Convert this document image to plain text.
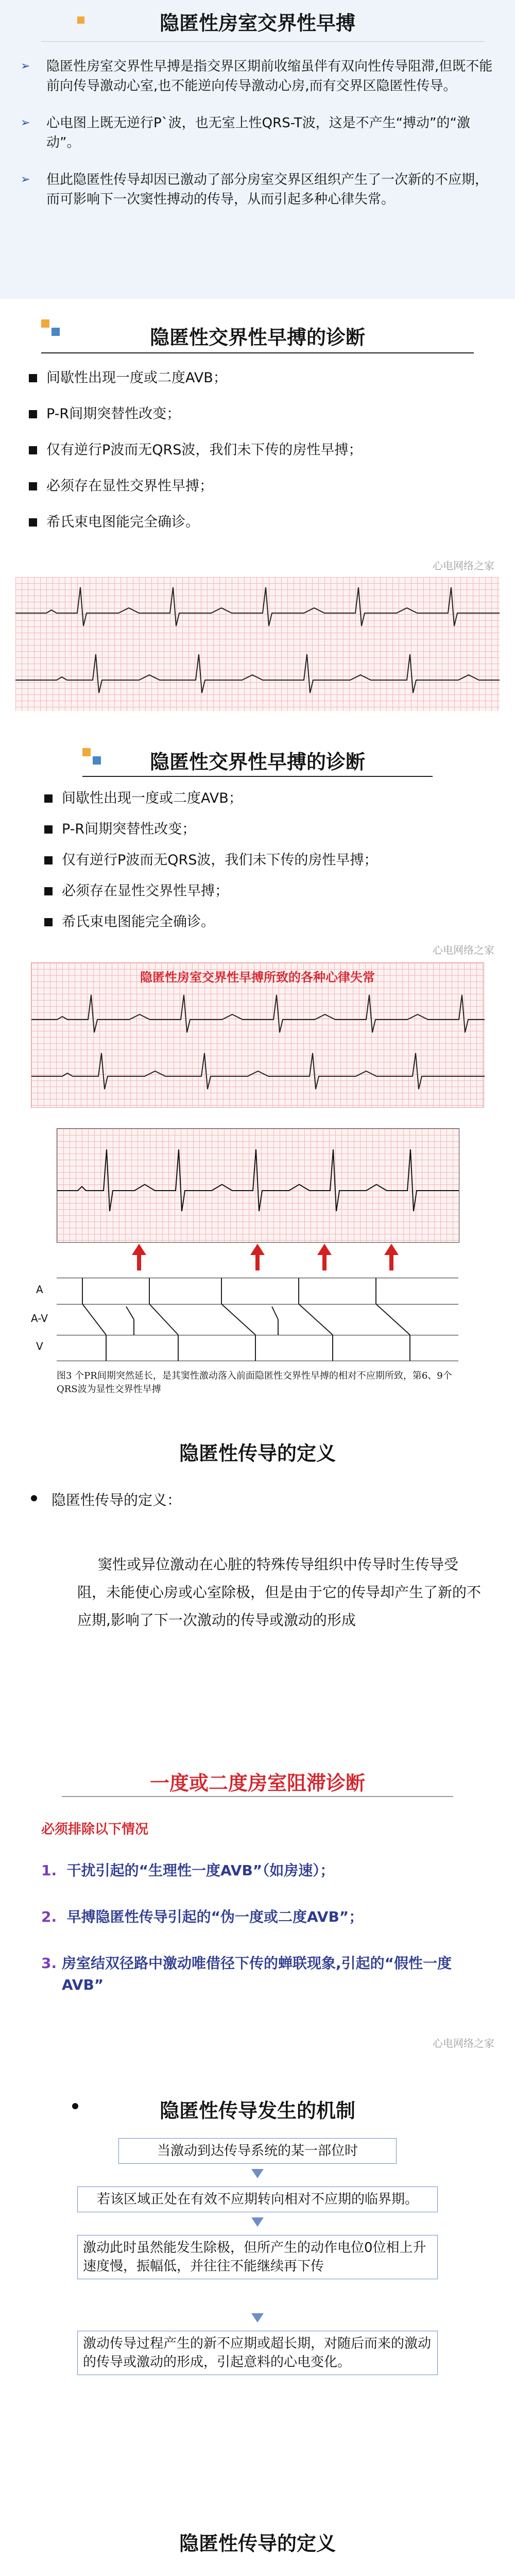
隐匿性房室交界性早搏
➢ 隐匿性房室交界性早搏是指交界区期前收缩虽伴有双向性传导阻滞,但既不能前向传导激动心室,也不能逆向传导激动心房,而有交界区隐匿性传导。
➢ 心电图上既无逆行P`波，也无室上性QRS-T波，这是不产生“搏动”的“激动”。
➢ 但此隐匿性传导却因已激动了部分房室交界区组织产生了一次新的不应期，而可影响下一次窦性搏动的传导，从而引起多种心律失常。
隐匿性交界性早搏的诊断
间歇性出现一度或二度AVB；
P-R间期突替性改变；
仅有逆行P波而无QRS波，我们未下传的房性早搏；
必须存在显性交界性早搏；
希氏束电图能完全确诊。
心电网络之家
隐匿性交界性早搏的诊断
间歇性出现一度或二度AVB；
P-R间期突替性改变；
仅有逆行P波而无QRS波，我们未下传的房性早搏；
必须存在显性交界性早搏；
希氏束电图能完全确诊。
心电网络之家
隐匿性房室交界性早搏所致的各种心律失常
A
A-V
V
图3 个PR间期突然延长，是其窦性激动落入前面隐匿性交界性早搏的相对不应期所致，第6、9个QRS波为显性交界性早搏
隐匿性传导的定义
隐匿性传导的定义：
窦性或异位激动在心脏的特殊传导组织中传导时生传导受阻，未能使心房或心室除极，但是由于它的传导却产生了新的不应期,影响了下一次激动的传导或激动的形成
一度或二度房室阻滞诊断
必须排除以下情况
1. 干扰引起的“生理性一度AVB”（如房速）；
2. 早搏隐匿性传导引起的“伪一度或二度AVB”；
3. 房室结双径路中激动唯借径下传的蝉联现象,引起的“假性一度 AVB”
心电网络之家
隐匿性传导发生的机制
当激动到达传导系统的某一部位时
若该区域正处在有效不应期转向相对不应期的临界期。
激动此时虽然能发生除极，但所产生的动作电位0位相上升速度慢，振幅低，并往往不能继续再下传
激动传导过程产生的新不应期或超长期，对随后而来的激动的传导或激动的形成，引起意料的心电变化。
隐匿性传导的定义
